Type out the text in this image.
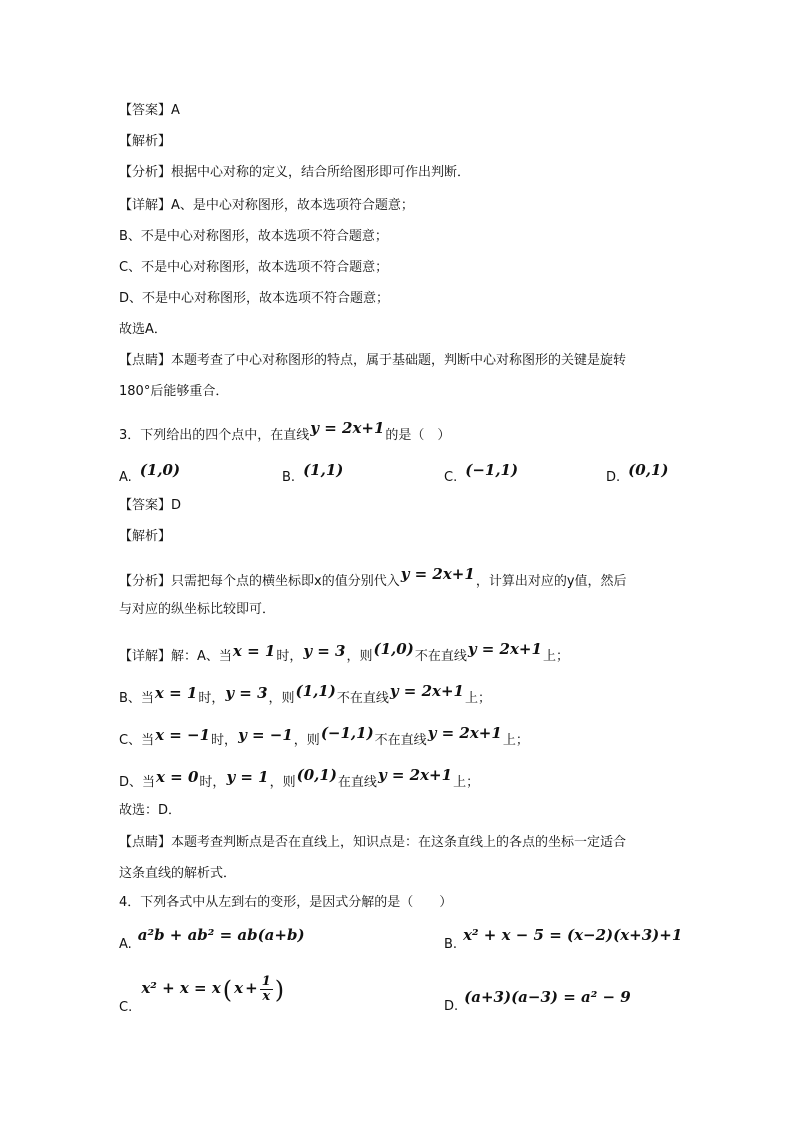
【答案】A
【解析】
【分析】根据中心对称的定义，结合所给图形即可作出判断．
【详解】A、是中心对称图形，故本选项符合题意；
B、不是中心对称图形，故本选项不符合题意；
C、不是中心对称图形，故本选项不符合题意；
D、不是中心对称图形，故本选项不符合题意；
故选A．
【点睛】本题考查了中心对称图形的特点，属于基础题，判断中心对称图形的关键是旋转
180°后能够重合．
3．下列给出的四个点中，在直线y = 2x+1的是（　）
A. (1,0)	B. (1,1)	C. (−1,1)	D. (0,1)
【答案】D
【解析】
【分析】只需把每个点的横坐标即x的值分别代入y = 2x+1，计算出对应的y值，然后
与对应的纵坐标比较即可．
【详解】解：A、当x = 1时，y = 3，则(1,0)不在直线y = 2x+1上；
B、当x = 1时，y = 3，则(1,1)不在直线y = 2x+1上；
C、当x = −1时，y = −1，则(−1,1)不在直线y = 2x+1上；
D、当x = 0时，y = 1，则(0,1)在直线y = 2x+1上；
故选：D．
【点睛】本题考查判断点是否在直线上，知识点是：在这条直线上的各点的坐标一定适合
这条直线的解析式．
4．下列各式中从左到右的变形，是因式分解的是（　　）
A.a²b + ab² = ab(a+b)
B.x² + x − 5 = (x−2)(x+3)+1
C. x² + x = x( $x + \frac{1}{x}$ )
D.(a+3)(a−3) = a² − 9
